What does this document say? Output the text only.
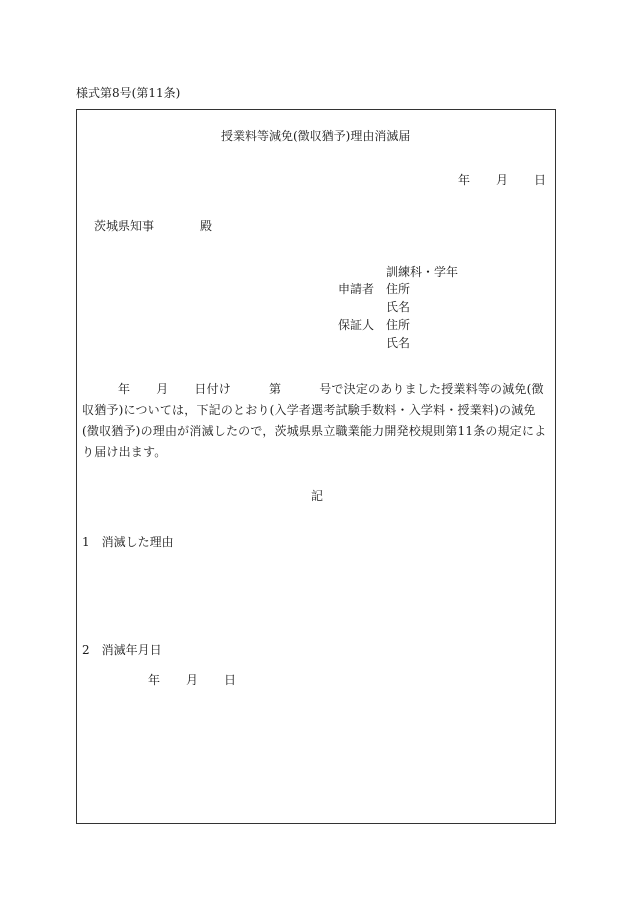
様式第8号(第11条)
授業料等減免(徴収猶予)理由消滅届
年 月 日
茨城県知事	殿
訓練科・学年
申請者 住所
氏名
保証人 住所
氏名
年 月 日付け	第	号で決定のありました授業料等の減免(徴収猶予)については，下記のとおり(入学者選考試験手数料・入学料・授業料)の減免(徴収猶予)の理由が消滅したので，茨城県県立職業能力開発校規則第11条の規定により届け出ます。
記
1　消滅した理由
2　消滅年月日
年 月 日
